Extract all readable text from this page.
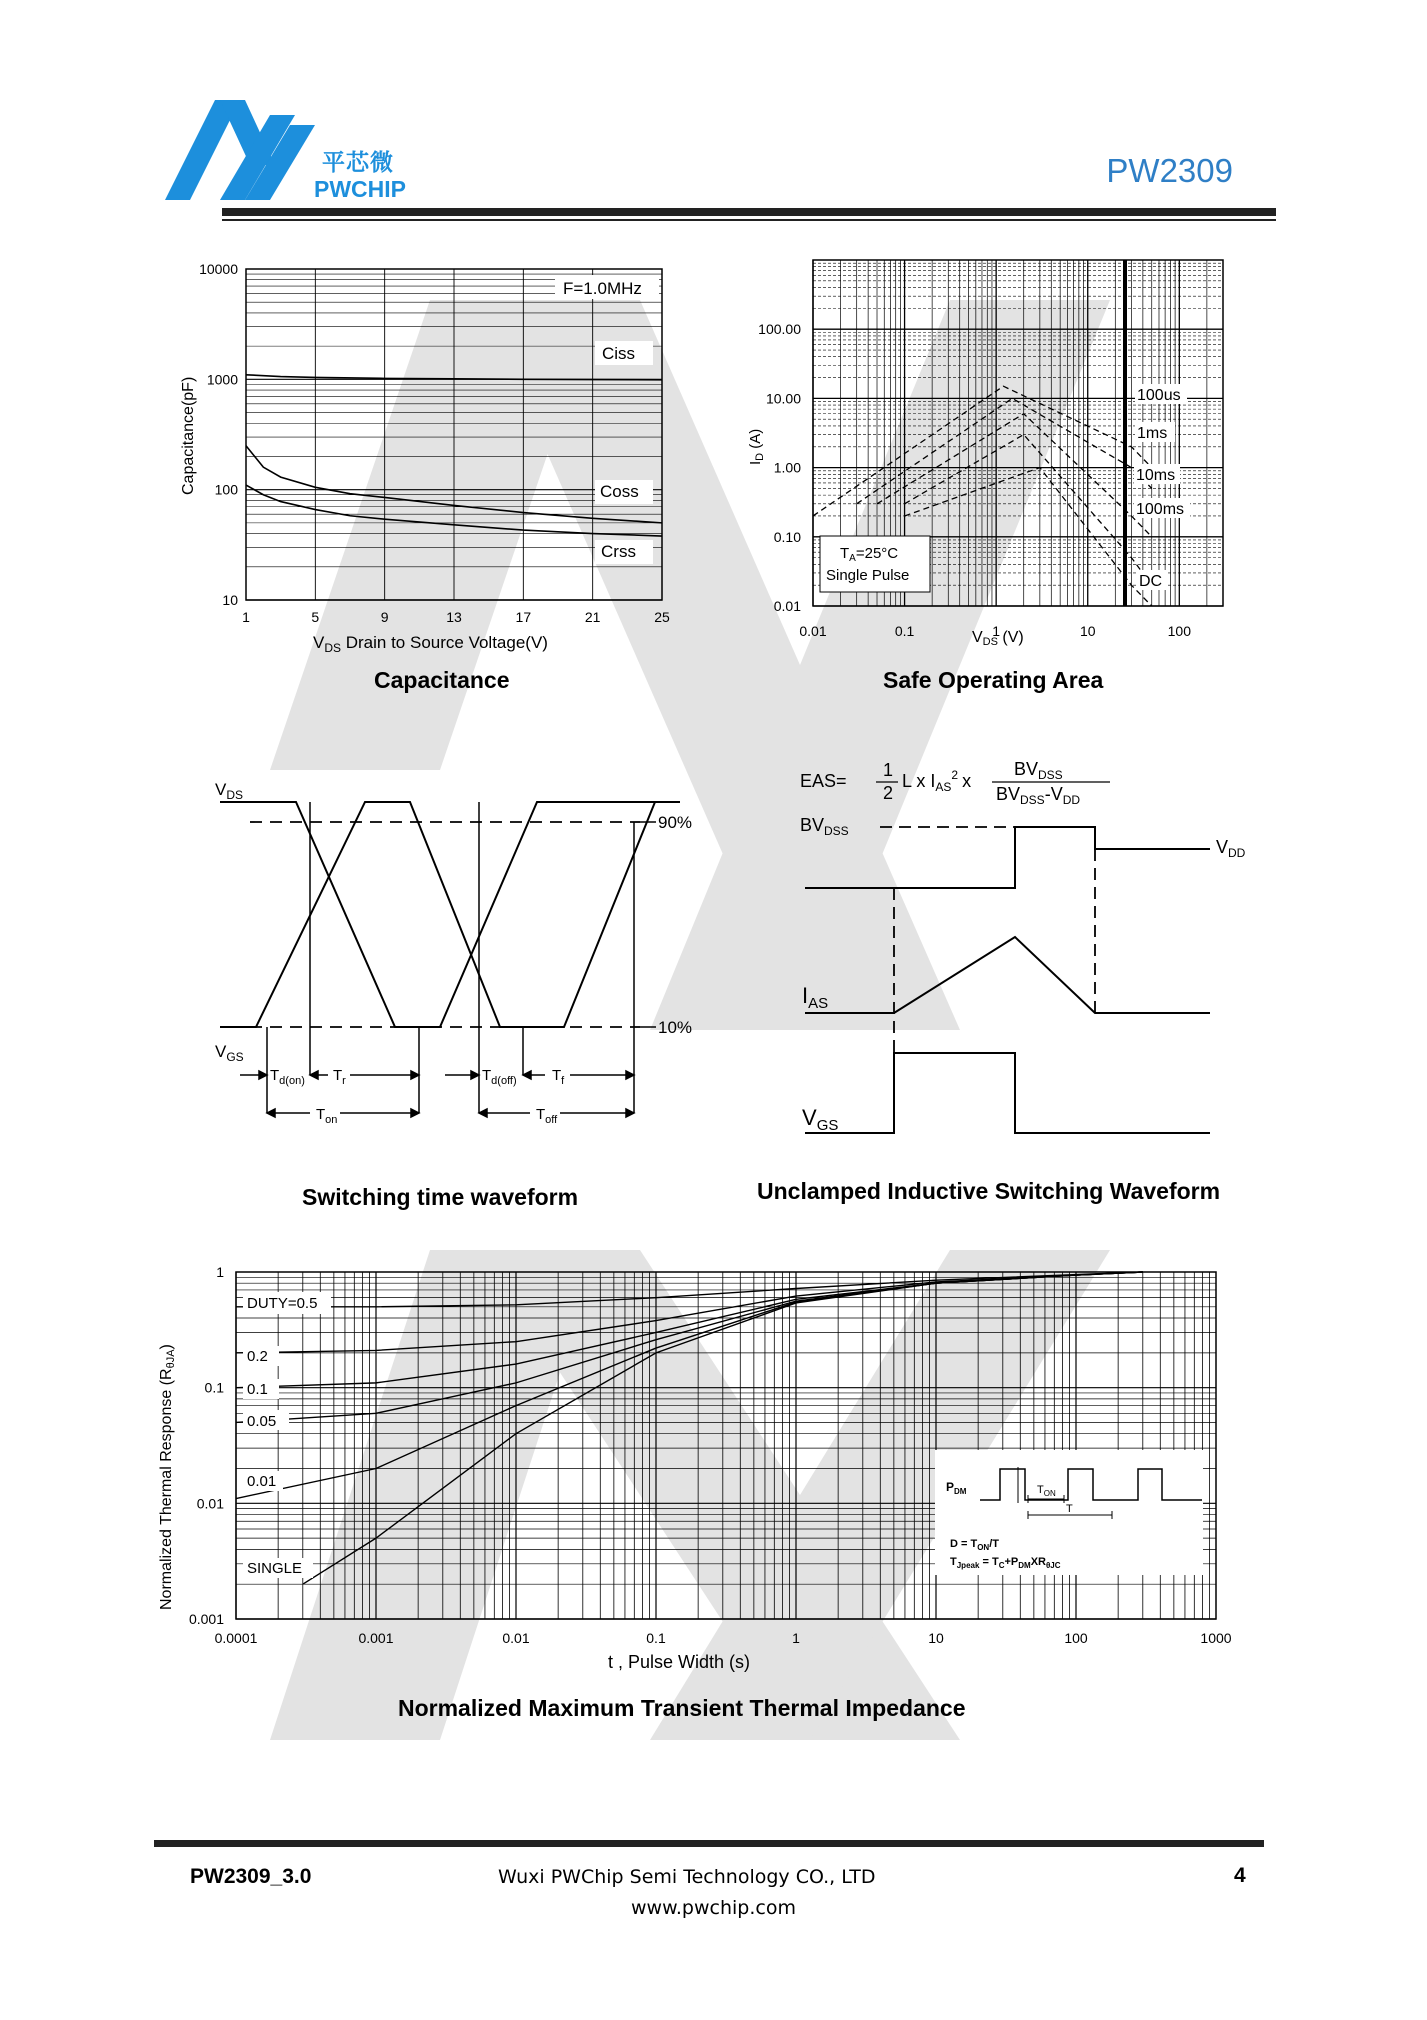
平芯微
PWCHIP	PW2309
1	5	9	13	17	21	25
10000
1000
100
10
F=1.0MHz
Ciss
Coss
Crss
Capacitance(pF)
$V_{DS}$ Drain to Source Voltage(V)
Capacitance
0.01	0.1	1	10	100
100.00
10.00
1.00
0.10
0.01
100us
1ms
10ms
100ms
DC
$T_A=25^\circ C$
Single Pulse
$I_D$ (A)
VDS (V)
Safe Operating Area
$V_{DS}$
$V_{GS}$
90%
10%
$T_{d(on)}$ $T_r$	$T_{d(off)}$ $T_f$
$T_{on}$	$T_{off}$
Switching time waveform
EAS=
1
2
L x $I_{AS}^2$ x
$BV_{DSS}$
$BV_{DSS}-V_{DD}$
$BV_{DSS}$
$V_{DD}$
$I_{AS}$
$V_{GS}$
Unclamped Inductive Switching Waveform
0.0001	0.001	0.01	0.1	1	10	100	1000
1
0.1
0.01
0.001
DUTY=0.5
0.2
0.1
0.05
0.01
SINGLE
$P_{DM}$	$T_{ON}$
T
$D = T_{ON}/T$
$T_{Jpeak} = T_C+P_{DM}XR_{\theta JC}$
Normalized Thermal Response (RθJA)
t , Pulse Width (s)
Normalized Maximum Transient Thermal Impedance
PW2309_3.0	Wuxi PWChip Semi Technology CO., LTD
www.pwchip.com
4
